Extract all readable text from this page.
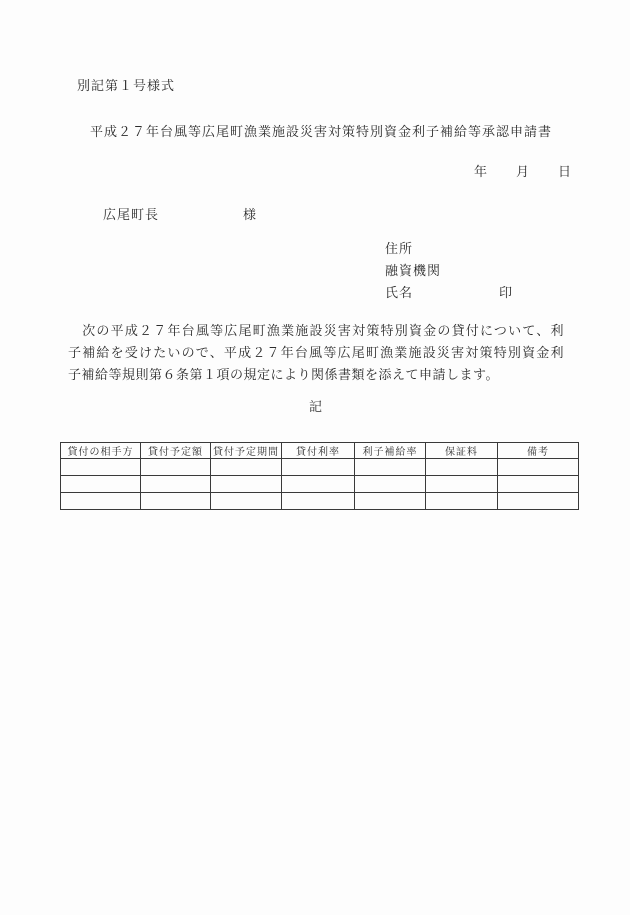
別記第１号様式
平成２７年台風等広尾町漁業施設災害対策特別資金利子補給等承認申請書
年　　月　　日
広尾町長	様
住所
融資機関
氏名	印
　次の平成２７年台風等広尾町漁業施設災害対策特別資金の貸付について、利
子補給を受けたいので、平成２７年台風等広尾町漁業施設災害対策特別資金利
子補給等規則第６条第１項の規定により関係書類を添えて申請します。
記
貸付の相手方	貸付予定額	貸付予定期間	貸付利率	利子補給率	保証料	備考
